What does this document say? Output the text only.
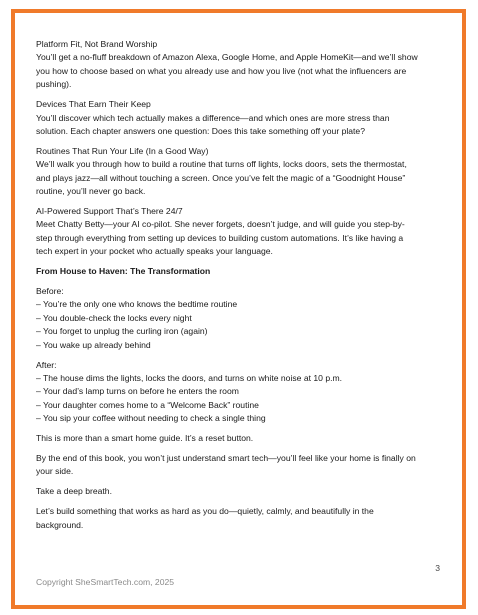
Platform Fit, Not Brand Worship
You’ll get a no-fluff breakdown of Amazon Alexa, Google Home, and Apple HomeKit—and we’ll show you how to choose based on what you already use and how you live (not what the influencers are pushing).
Devices That Earn Their Keep
You’ll discover which tech actually makes a difference—and which ones are more stress than solution. Each chapter answers one question: Does this take something off your plate?
Routines That Run Your Life (In a Good Way)
We’ll walk you through how to build a routine that turns off lights, locks doors, sets the thermostat, and plays jazz—all without touching a screen. Once you’ve felt the magic of a “Goodnight House” routine, you’ll never go back.
AI-Powered Support That’s There 24/7
Meet Chatty Betty—your AI co-pilot. She never forgets, doesn’t judge, and will guide you step-by-step through everything from setting up devices to building custom automations. It’s like having a tech expert in your pocket who actually speaks your language.
From House to Haven: The Transformation
Before:
– You’re the only one who knows the bedtime routine
– You double-check the locks every night
– You forget to unplug the curling iron (again)
– You wake up already behind
After:
– The house dims the lights, locks the doors, and turns on white noise at 10 p.m.
– Your dad’s lamp turns on before he enters the room
– Your daughter comes home to a “Welcome Back” routine
– You sip your coffee without needing to check a single thing
This is more than a smart home guide. It’s a reset button.
By the end of this book, you won’t just understand smart tech—you’ll feel like your home is finally on your side.
Take a deep breath.
Let’s build something that works as hard as you do—quietly, calmly, and beautifully in the background.
3
Copyright SheSmartTech.com, 2025
